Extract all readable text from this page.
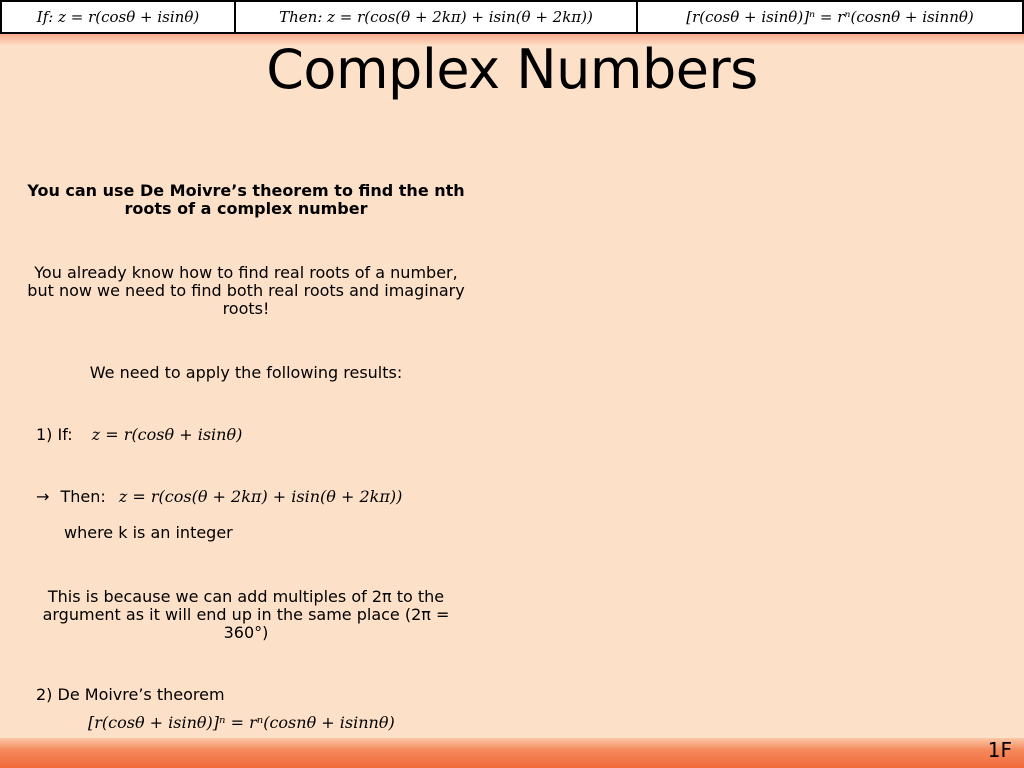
If: z = r(cosθ + isinθ)	Then: z = r(cos(θ + 2kπ) + isin(θ + 2kπ))	[r(cosθ + isinθ)]ⁿ = rⁿ(cosnθ + isinnθ)
Complex Numbers
You can use De Moivre’s theorem to find the nth roots of a complex number
You already know how to find real roots of a number, but now we need to find both real roots and imaginary roots!
We need to apply the following results:
1) If: z = r(cosθ + isinθ)
→ Then: z = r(cos(θ + 2kπ) + isin(θ + 2kπ))
where k is an integer
This is because we can add multiples of 2π to the argument as it will end up in the same place (2π = 360°)
2) De Moivre’s theorem
[r(cosθ + isinθ)]ⁿ = rⁿ(cosnθ + isinnθ)
1F
